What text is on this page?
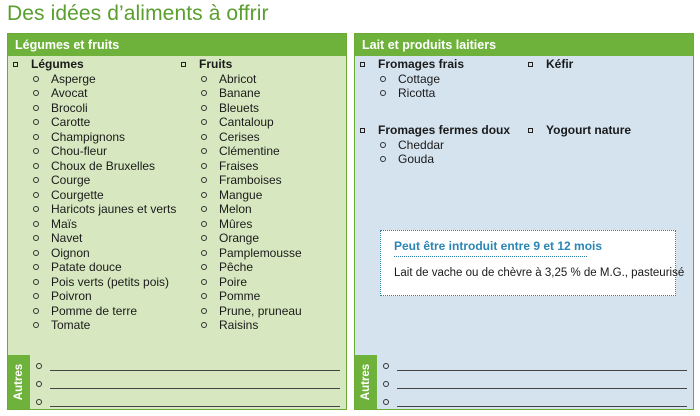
Des idées d’aliments à offrir
Légumes et fruits
Légumes
Asperge
Avocat
Brocoli
Carotte
Champignons
Chou-fleur
Choux de Bruxelles
Courge
Courgette
Haricots jaunes et verts
Maïs
Navet
Oignon
Patate douce
Pois verts (petits pois)
Poivron
Pomme de terre
Tomate
Fruits
Abricot
Banane
Bleuets
Cantaloup
Cerises
Clémentine
Fraises
Framboises
Mangue
Melon
Mûres
Orange
Pamplemousse
Pêche
Poire
Pomme
Prune, pruneau
Raisins
Autres
Lait et produits laitiers
Fromages frais
Cottage
Ricotta
Kéfir
Fromages fermes doux
Cheddar
Gouda
Yogourt nature
Peut être introduit entre 9 et 12 mois
Lait de vache ou de chèvre à 3,25 % de M.G., pasteurisé
Autres
